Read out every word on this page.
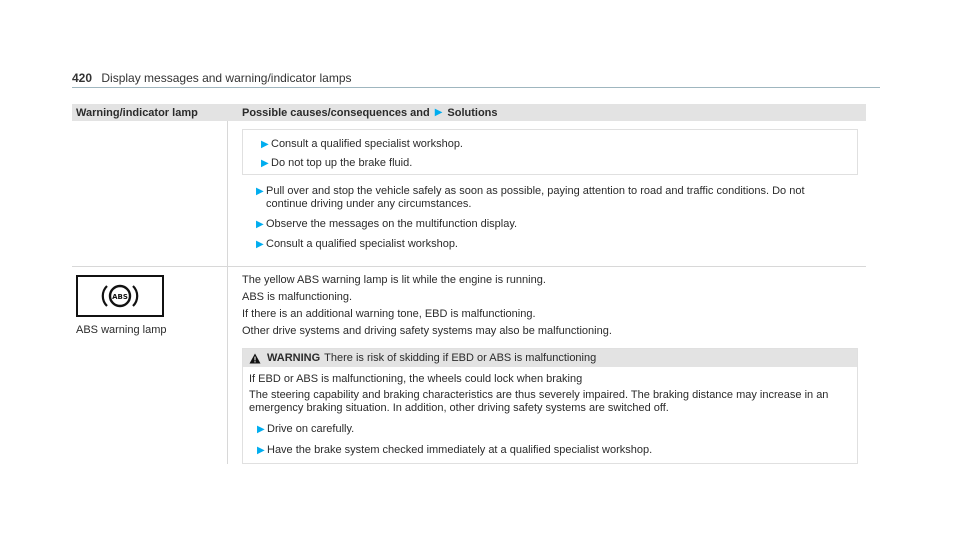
420 Display messages and warning/indicator lamps
Warning/indicator lamp	Possible causes/consequences and ▶ Solutions
▶ Consult a qualified specialist workshop.
▶ Do not top up the brake fluid.
▶ Pull over and stop the vehicle safely as soon as possible, paying attention to road and traffic conditions. Do not continue driving under any circumstances.
▶ Observe the messages on the multifunction display.
▶ Consult a qualified specialist workshop.
ABS
ABS warning lamp

The yellow ABS warning lamp is lit while the engine is running.

ABS is malfunctioning.

If there is an additional warning tone, EBD is malfunctioning.

Other drive systems and driving safety systems may also be malfunctioning.

WARNING There is risk of skidding if EBD or ABS is malfunctioning

If EBD or ABS is malfunctioning, the wheels could lock when braking

The steering capability and braking characteristics are thus severely impaired. The braking distance may increase in an emergency braking situation. In addition, other driving safety systems are switched off.

▶ Drive on carefully.
▶ Have the brake system checked immediately at a qualified specialist workshop.
